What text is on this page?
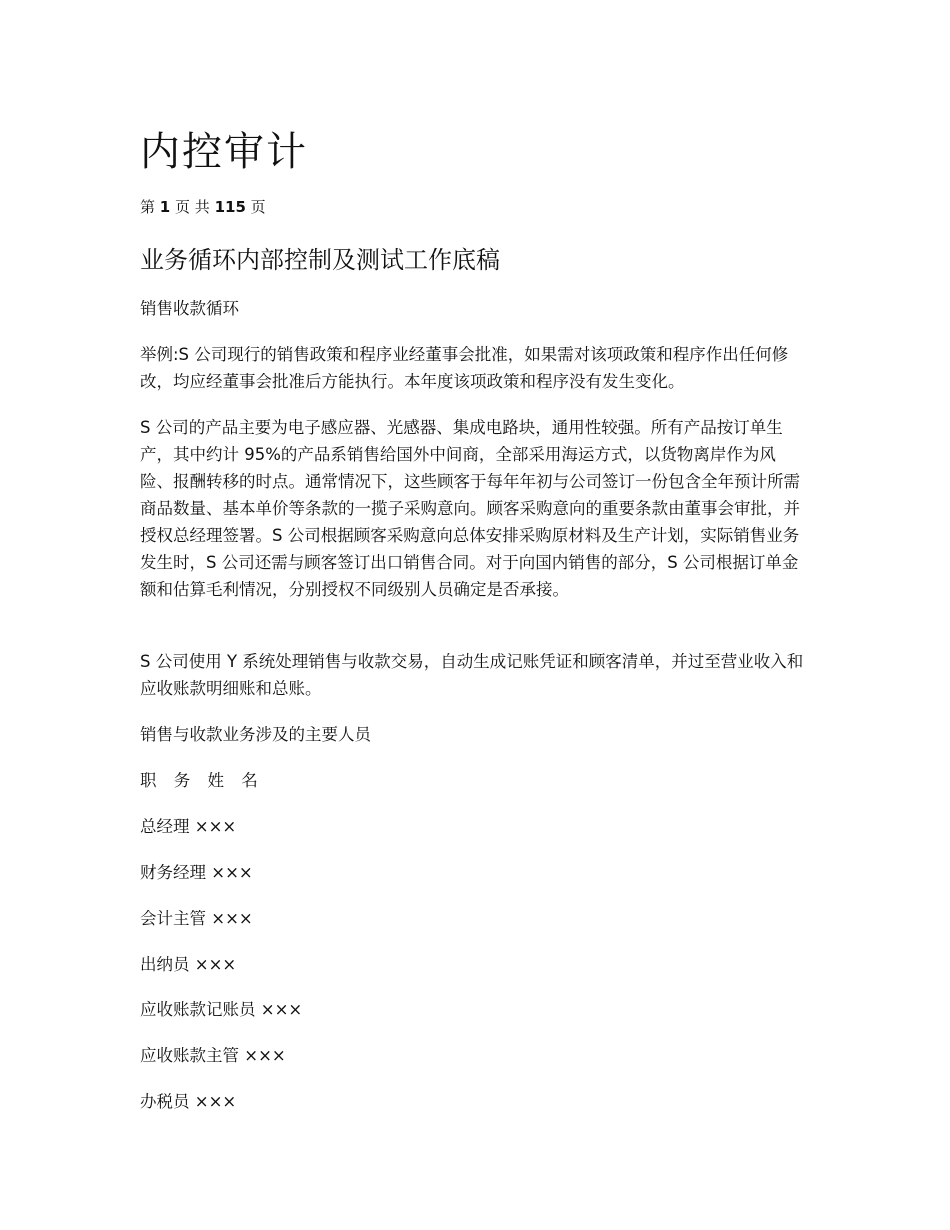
内控审计
第 1 页 共 115 页
业务循环内部控制及测试工作底稿
销售收款循环

举例:S 公司现行的销售政策和程序业经董事会批准，如果需对该项政策和程序作出任何修改，均应经董事会批准后方能执行。本年度该项政策和程序没有发生变化。

S 公司的产品主要为电子感应器、光感器、集成电路块，通用性较强。所有产品按订单生产，其中约计 95%的产品系销售给国外中间商，全部采用海运方式，以货物离岸作为风险、报酬转移的时点。通常情况下，这些顾客于每年年初与公司签订一份包含全年预计所需商品数量、基本单价等条款的一揽子采购意向。顾客采购意向的重要条款由董事会审批，并授权总经理签署。S 公司根据顾客采购意向总体安排采购原材料及生产计划，实际销售业务发生时，S 公司还需与顾客签订出口销售合同。对于向国内销售的部分，S 公司根据订单金额和估算毛利情况，分别授权不同级别人员确定是否承接。

S 公司使用 Y 系统处理销售与收款交易，自动生成记账凭证和顾客清单，并过至营业收入和应收账款明细账和总账。

销售与收款业务涉及的主要人员
职 务 姓 名
总经理 ×××
财务经理 ×××
会计主管 ×××
出纳员 ×××
应收账款记账员 ×××
应收账款主管 ×××
办税员 ×××
